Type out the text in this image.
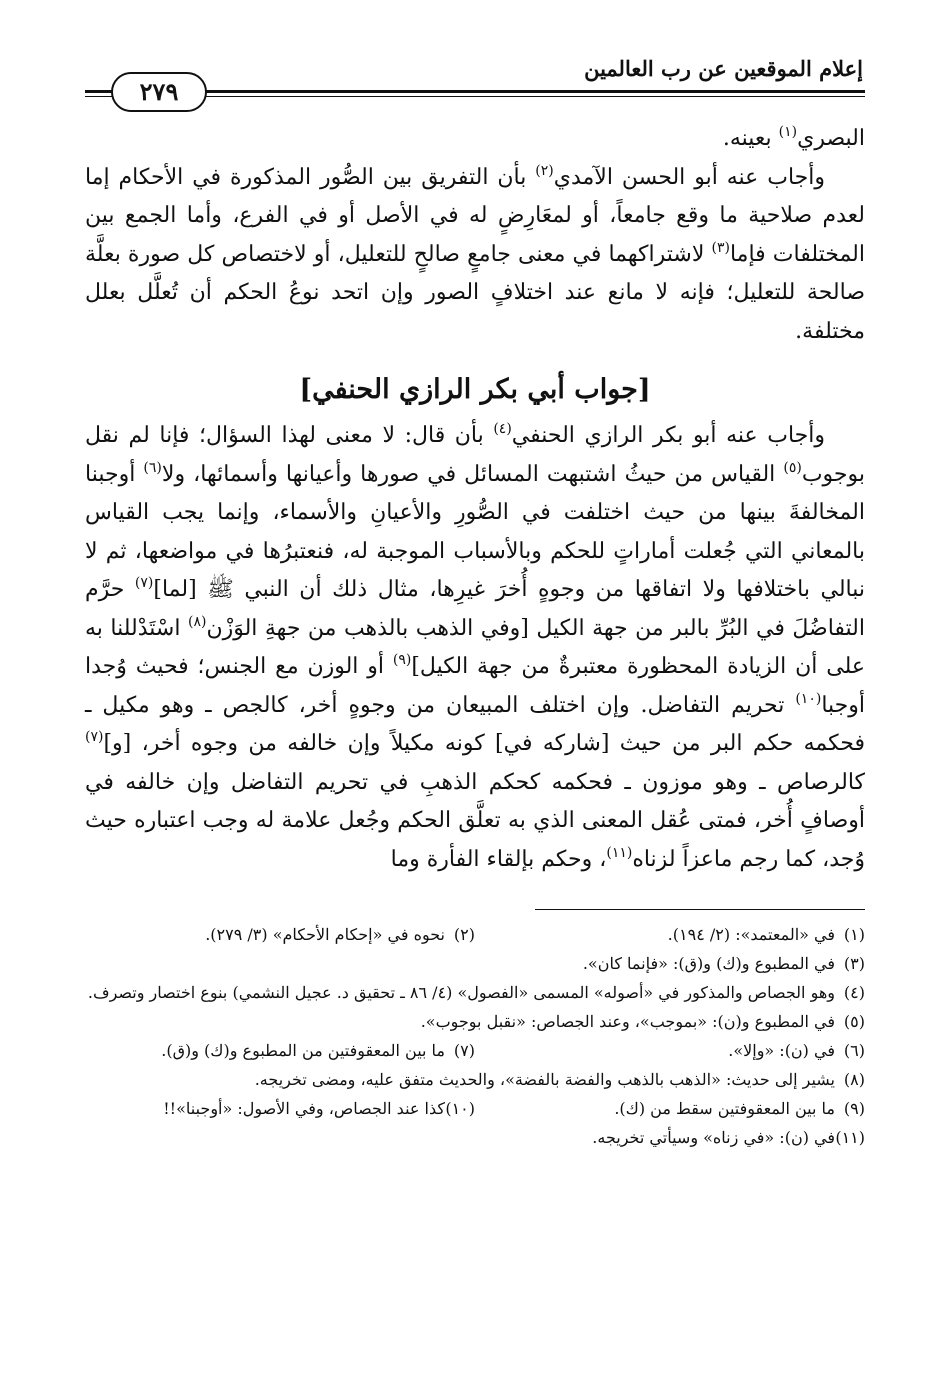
إعلام الموقعين عن رب العالمين
٢٧٩

البصري$^{(١)}$ بعينه.

وأجاب عنه أبو الحسن الآمدي$^{(٢)}$ بأن التفريق بين الصُّور المذكورة في الأحكام إما لعدم صلاحية ما وقع جامعاً، أو لمعَارِضٍ له في الأصل أو في الفرع، وأما الجمع بين المختلفات فإما$^{(٣)}$ لاشتراكهما في معنى جامعٍ صالحٍ للتعليل، أو لاختصاص كل صورة بعلَّة صالحة للتعليل؛ فإنه لا مانع عند اختلافٍ الصور وإن اتحد نوعُ الحكم أن تُعلَّل بعلل مختلفة.

[جواب أبي بكر الرازي الحنفي]

وأجاب عنه أبو بكر الرازي الحنفي$^{(٤)}$ بأن قال: لا معنى لهذا السؤال؛ فإنا لم نقل بوجوب$^{(٥)}$ القياس من حيثُ اشتبهت المسائل في صورها وأعيانها وأسمائها، ولا$^{(٦)}$ أوجبنا المخالفةَ بينها من حيث اختلفت في الصُّورِ والأعيانِ والأسماء، وإنما يجب القياس بالمعاني التي جُعلت أماراتٍ للحكم وبالأسباب الموجبة له، فنعتبرُها في مواضعها، ثم لا نبالي باختلافها ولا اتفاقها من وجوهٍ أُخرَ غيرِها، مثال ذلك أن النبي ﷺ [لما]$^{(٧)}$ حرَّم التفاضُلَ في البُرِّ بالبر من جهة الكيل [وفي الذهب بالذهب من جهةِ الوَزْن$^{(٨)}$ اسْتَدْللنا به على أن الزيادة المحظورة معتبرةٌ من جهة الكيل]$^{(٩)}$ أو الوزن مع الجنس؛ فحيث وُجدا أوجبا$^{(١٠)}$ تحريم التفاضل. وإن اختلف المبيعان من وجوهٍ أخر، كالجص ـ وهو مكيل ـ فحكمه حكم البر من حيث [شاركه في] كونه مكيلاً وإن خالفه من وجوه أخر، [و]$^{(٧)}$ كالرصاص ـ وهو موزون ـ فحكمه كحكم الذهبِ في تحريم التفاضل وإن خالفه في أوصافٍ أُخر، فمتى عُقل المعنى الذي به تعلَّق الحكم وجُعل علامة له وجب اعتباره حيث وُجد، كما رجم ماعزاً لزناه$^{(١١)}$، وحكم بإلقاء الفأرة وما

(١)
في «المعتمد»: (٢/ ١٩٤).
(٢)
نحوه في «إحكام الأحكام» (٣/ ٢٧٩).
(٣)
في المطبوع و(ك) و(ق): «فإنما كان».
(٤)
وهو الجصاص والمذكور في «أصوله» المسمى «الفصول» (٤/ ٨٦ ـ تحقيق د. عجيل النشمي) بنوع اختصار وتصرف.
(٥)
في المطبوع و(ن): «بموجب»، وعند الجصاص: «نقبل بوجوب».
(٦)
في (ن): «وإلا».
(٧)
ما بين المعقوفتين من المطبوع و(ك) و(ق).
(٨)
يشير إلى حديث: «الذهب بالذهب والفضة بالفضة»، والحديث متفق عليه، ومضى تخريجه.
(٩)
ما بين المعقوفتين سقط من (ك).
(١٠)
كذا عند الجصاص، وفي الأصول: «أوجبنا»!!
(١١)
في (ن): «في زناه» وسيأتي تخريجه.
